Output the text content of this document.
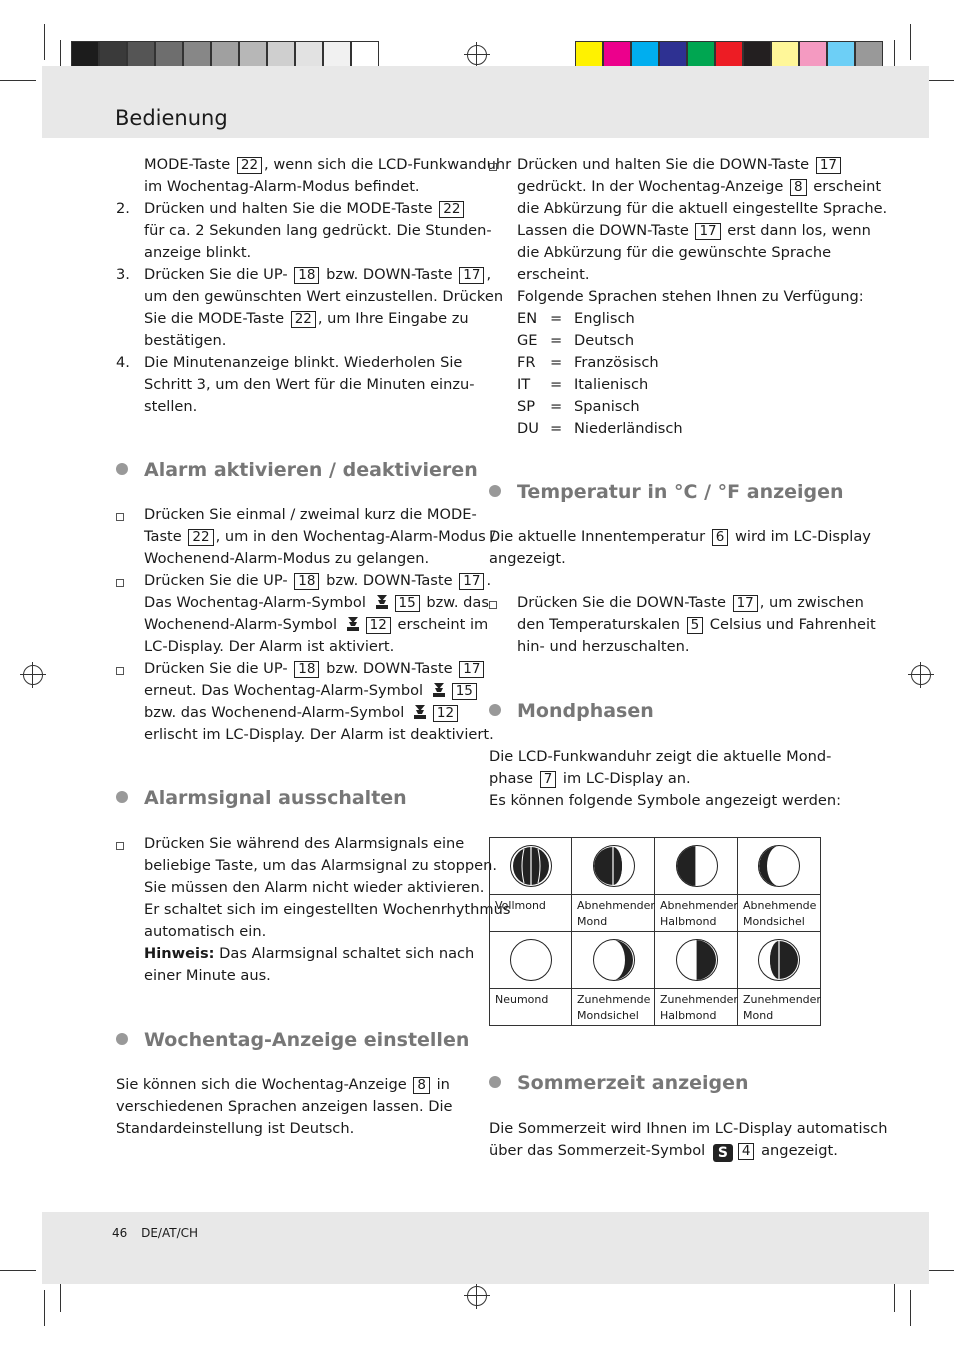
Bedienung
46 DE/AT/CH
MODE-Taste 22 , wenn sich die LCD-Funkwanduhr
im Wochentag-Alarm-Modus befindet.
2. Drücken und halten Sie die MODE-Taste 22
für ca. 2 Sekunden lang gedrückt. Die Stunden-
anzeige blinkt.
3. Drücken Sie die UP- 18 bzw. DOWN-Taste 17 ,
um den gewünschten Wert einzustellen. Drücken
Sie die MODE-Taste 22 , um Ihre Eingabe zu
bestätigen.
4. Die Minutenanzeige blinkt. Wiederholen Sie
Schritt 3, um den Wert für die Minuten einzu-
stellen.
Alarm aktivieren / deaktivieren
Drücken Sie einmal / zweimal kurz die MODE-
Taste 22 , um in den Wochentag-Alarm-Modus /
Wochenend-Alarm-Modus zu gelangen.
Drücken Sie die UP- 18 bzw. DOWN-Taste 17 .
Das Wochentag-Alarm-Symbol 15 bzw. das
Wochenend-Alarm-Symbol 12 erscheint im
LC-Display. Der Alarm ist aktiviert.
Drücken Sie die UP- 18 bzw. DOWN-Taste 17
erneut. Das Wochentag-Alarm-Symbol 15
bzw. das Wochenend-Alarm-Symbol 12
erlischt im LC-Display. Der Alarm ist deaktiviert.
Alarmsignal ausschalten
Drücken Sie während des Alarmsignals eine
beliebige Taste, um das Alarmsignal zu stoppen.
Sie müssen den Alarm nicht wieder aktivieren.
Er schaltet sich im eingestellten Wochenrhythmus
automatisch ein.
Hinweis: Das Alarmsignal schaltet sich nach
einer Minute aus.
Wochentag-Anzeige einstellen
Sie können sich die Wochentag-Anzeige 8 in
verschiedenen Sprachen anzeigen lassen. Die
Standardeinstellung ist Deutsch.
Drücken und halten Sie die DOWN-Taste 17
gedrückt. In der Wochentag-Anzeige 8 erscheint
die Abkürzung für die aktuell eingestellte Sprache.
Lassen die DOWN-Taste 17 erst dann los, wenn
die Abkürzung für die gewünschte Sprache
erscheint.
Folgende Sprachen stehen Ihnen zu Verfügung:
EN = Englisch
GE = Deutsch
FR = Französisch
IT = Italienisch
SP = Spanisch
DU = Niederländisch
Temperatur in °C / °F anzeigen
Die aktuelle Innentemperatur 6 wird im LC-Display
angezeigt.
Drücken Sie die DOWN-Taste 17 , um zwischen
den Temperaturskalen 5 Celsius und Fahrenheit
hin- und herzuschalten.
Mondphasen
Die LCD-Funkwanduhr zeigt die aktuelle Mond-
phase 7 im LC-Display an.
Es können folgende Symbole angezeigt werden:
Sommerzeit anzeigen
Die Sommerzeit wird Ihnen im LC-Display automatisch
über das Sommerzeit-Symbol S 4 angezeigt.
Vollmond	Abnehmender
Mond
Abnehmender
Halbmond
Abnehmende
Mondsichel
Neumond	Zunehmende
Mondsichel
Zunehmender
Halbmond
Zunehmender
Mond
